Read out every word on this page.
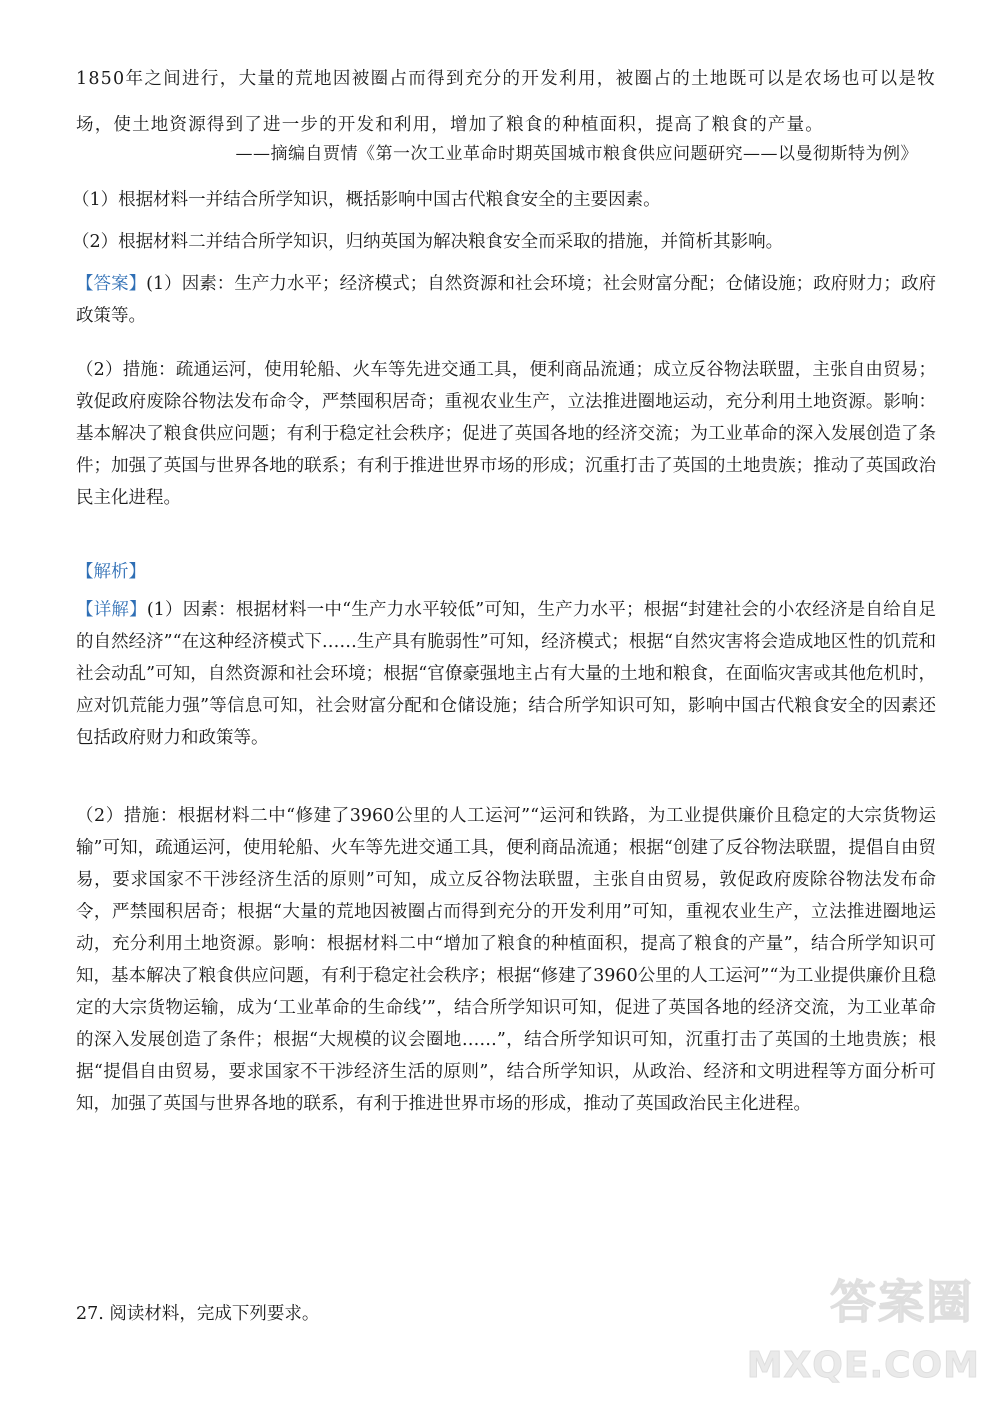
1850年之间进行，大量的荒地因被圈占而得到充分的开发利用，被圈占的土地既可以是农场也可以是牧场，使土地资源得到了进一步的开发和利用，增加了粮食的种植面积，提高了粮食的产量。

——摘编自贾情《第一次工业革命时期英国城市粮食供应问题研究——以曼彻斯特为例》

（1）根据材料一并结合所学知识，概括影响中国古代粮食安全的主要因素。

（2）根据材料二并结合所学知识，归纳英国为解决粮食安全而采取的措施，并简析其影响。

【答案】(1）因素：生产力水平；经济模式；自然资源和社会环境；社会财富分配；仓储设施；政府财力；政府政策等。

（2）措施：疏通运河，使用轮船、火车等先进交通工具，便利商品流通；成立反谷物法联盟，主张自由贸易；敦促政府废除谷物法发布命令，严禁囤积居奇；重视农业生产，立法推进圈地运动，充分利用土地资源。影响：基本解决了粮食供应问题；有利于稳定社会秩序；促进了英国各地的经济交流；为工业革命的深入发展创造了条件；加强了英国与世界各地的联系；有利于推进世界市场的形成；沉重打击了英国的土地贵族；推动了英国政治民主化进程。

【解析】

【详解】(1）因素：根据材料一中“生产力水平较低”可知，生产力水平；根据“封建社会的小农经济是自给自足的自然经济”“在这种经济模式下……生产具有脆弱性”可知，经济模式；根据“自然灾害将会造成地区性的饥荒和社会动乱”可知，自然资源和社会环境；根据“官僚豪强地主占有大量的土地和粮食，在面临灾害或其他危机时，应对饥荒能力强”等信息可知，社会财富分配和仓储设施；结合所学知识可知，影响中国古代粮食安全的因素还包括政府财力和政策等。

（2）措施：根据材料二中“修建了3960公里的人工运河”“运河和铁路，为工业提供廉价且稳定的大宗货物运输”可知，疏通运河，使用轮船、火车等先进交通工具，便利商品流通；根据“创建了反谷物法联盟，提倡自由贸易，要求国家不干涉经济生活的原则”可知，成立反谷物法联盟，主张自由贸易，敦促政府废除谷物法发布命令，严禁囤积居奇；根据“大量的荒地因被圈占而得到充分的开发利用”可知，重视农业生产，立法推进圈地运动，充分利用土地资源。影响：根据材料二中“增加了粮食的种植面积，提高了粮食的产量”，结合所学知识可知，基本解决了粮食供应问题，有利于稳定社会秩序；根据“修建了3960公里的人工运河”“为工业提供廉价且稳定的大宗货物运输，成为‘工业革命的生命线’”，结合所学知识可知，促进了英国各地的经济交流，为工业革命的深入发展创造了条件；根据“大规模的议会圈地……”，结合所学知识可知，沉重打击了英国的土地贵族；根据“提倡自由贸易，要求国家不干涉经济生活的原则”，结合所学知识，从政治、经济和文明进程等方面分析可知，加强了英国与世界各地的联系，有利于推进世界市场的形成，推动了英国政治民主化进程。

27. 阅读材料，完成下列要求。	答案圈
MXQE.COM
